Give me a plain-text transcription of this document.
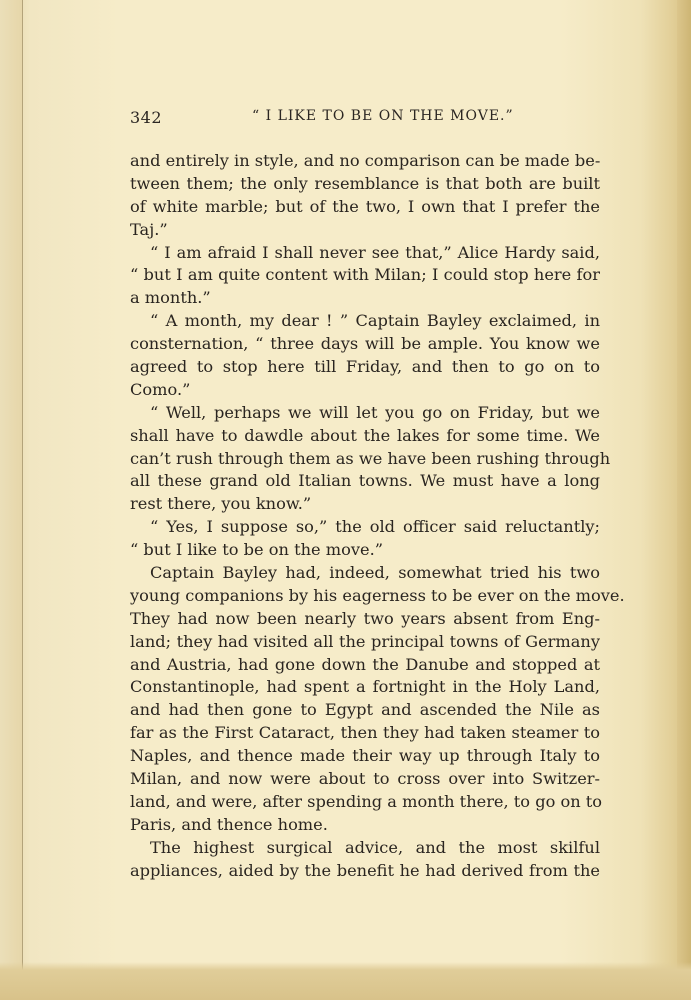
342	“ I LIKE TO BE ON THE MOVE.”
and entirely in style, and no comparison can be made be-
tween them; the only resemblance is that both are built
of white marble; but of the two, I own that I prefer the
Taj.”
“ I am afraid I shall never see that,” Alice Hardy said,
“ but I am quite content with Milan; I could stop here for
a month.”
“ A month, my dear ! ” Captain Bayley exclaimed, in
consternation, “ three days will be ample. You know we
agreed to stop here till Friday, and then to go on to
Como.”
“ Well, perhaps we will let you go on Friday, but we
shall have to dawdle about the lakes for some time. We
can’t rush through them as we have been rushing through
all these grand old Italian towns. We must have a long
rest there, you know.”
“ Yes, I suppose so,” the old officer said reluctantly;
“ but I like to be on the move.”
Captain Bayley had, indeed, somewhat tried his two
young companions by his eagerness to be ever on the move.
They had now been nearly two years absent from Eng-
land; they had visited all the principal towns of Germany
and Austria, had gone down the Danube and stopped at
Constantinople, had spent a fortnight in the Holy Land,
and had then gone to Egypt and ascended the Nile as
far as the First Cataract, then they had taken steamer to
Naples, and thence made their way up through Italy to
Milan, and now were about to cross over into Switzer-
land, and were, after spending a month there, to go on to
Paris, and thence home.
The highest surgical advice, and the most skilful
appliances, aided by the benefit he had derived from the
